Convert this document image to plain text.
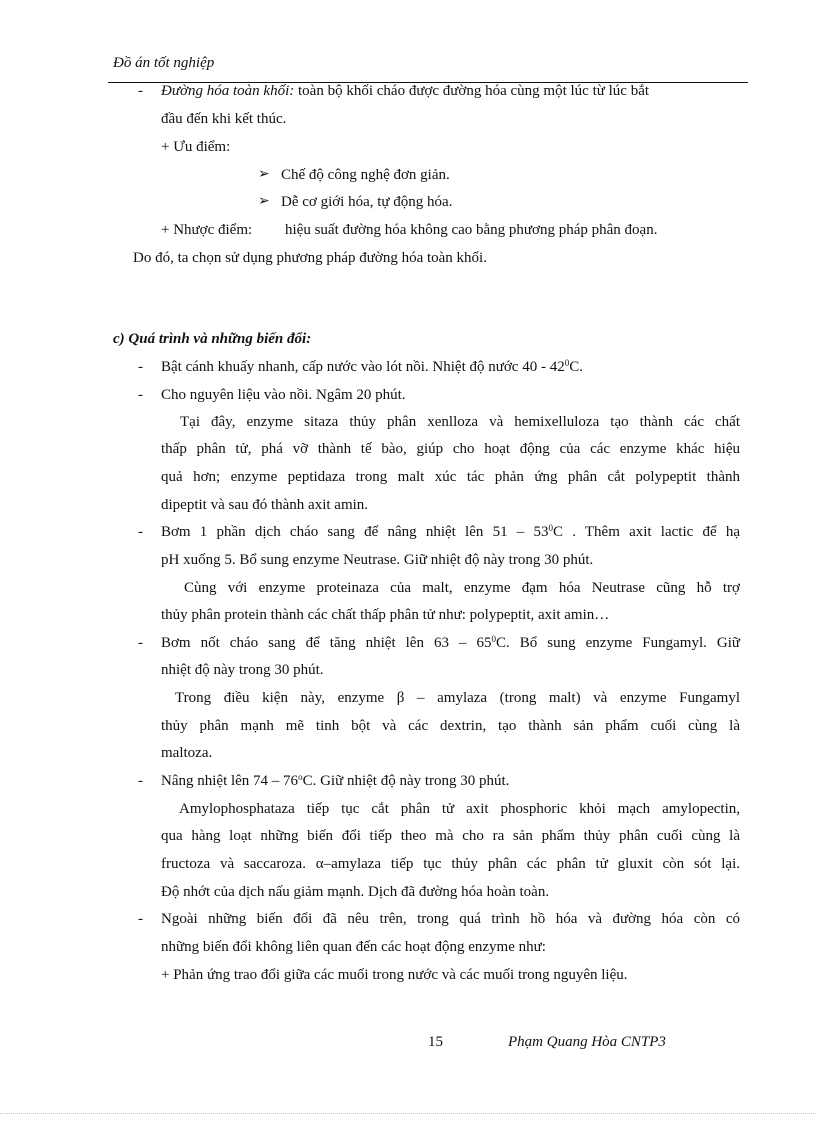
Đồ án tốt nghiệp
- Đường hóa toàn khối: toàn bộ khối cháo được đường hóa cùng một lúc từ lúc bắt
đầu đến khi kết thúc.
+ Ưu điểm:
➢ Chế độ công nghệ đơn giản.
➢ Dễ cơ giới hóa, tự động hóa.
+ Nhược điểm: hiệu suất đường hóa không cao bằng phương pháp phân đoạn.
Do đó, ta chọn sử dụng phương pháp đường hóa toàn khối.
c) Quá trình và những biến đổi:
- Bật cánh khuấy nhanh, cấp nước vào lót nồi. Nhiệt độ nước $40 - 42^0C$.
- Cho nguyên liệu vào nồi. Ngâm 20 phút.
Tại đây, enzyme sitaza thủy phân xenlloza và hemixelluloza tạo thành các chất
thấp phân tử, phá vỡ thành tế bào, giúp cho hoạt động của các enzyme khác hiệu
quả hơn; enzyme peptidaza trong malt xúc tác phản ứng phân cắt polypeptit thành
dipeptit và sau đó thành axit amin.
- Bơm 1 phần dịch cháo sang để nâng nhiệt lên $51 - 53^0C$ . Thêm axit lactic để hạ
pH xuống 5. Bổ sung enzyme Neutrase. Giữ nhiệt độ này trong 30 phút.
Cùng với enzyme proteinaza của malt, enzyme đạm hóa Neutrase cũng hỗ trợ
thủy phân protein thành các chất thấp phân tử như: polypeptit, axit amin…
- Bơm nốt cháo sang để tăng nhiệt lên $63 - 65^0C$. Bổ sung enzyme Fungamyl. Giữ
nhiệt độ này trong 30 phút.
Trong điều kiện này, enzyme β – amylaza (trong malt) và enzyme Fungamyl
thủy phân mạnh mẽ tinh bột và các dextrin, tạo thành sản phẩm cuối cùng là
maltoza.
- Nâng nhiệt lên 74 – 76$^o$C. Giữ nhiệt độ này trong 30 phút.
Amylophosphataza tiếp tục cắt phân tử axit phosphoric khỏi mạch amylopectin,
qua hàng loạt những biến đổi tiếp theo mà cho ra sản phẩm thủy phân cuối cùng là
fructoza và saccaroza. α–amylaza tiếp tục thủy phân các phân tử gluxit còn sót lại.
Độ nhớt của dịch nấu giảm mạnh. Dịch đã đường hóa hoàn toàn.
- Ngoài những biến đổi đã nêu trên, trong quá trình hồ hóa và đường hóa còn có
những biến đổi không liên quan đến các hoạt động enzyme như:
+ Phản ứng trao đổi giữa các muối trong nước và các muối trong nguyên liệu.
15	Phạm Quang Hòa CNTP3
